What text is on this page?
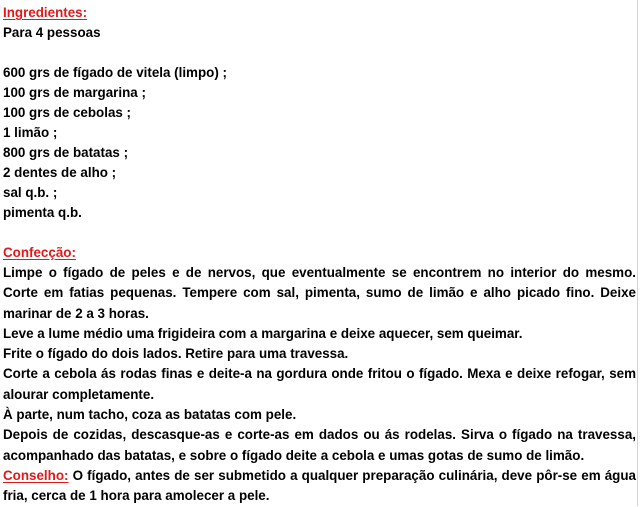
Ingredientes:
Para 4 pessoas
600 grs de fígado de vitela (limpo) ;
100 grs de margarina ;
100 grs de cebolas ;
1 limão ;
800 grs de batatas ;
2 dentes de alho ;
sal q.b. ;
pimenta q.b.
Confecção:

Limpe o fígado de peles e de nervos, que eventualmente se encontrem no interior do mesmo. Corte em fatias pequenas. Tempere com sal, pimenta, sumo de limão e alho picado fino. Deixe marinar de 2 a 3 horas.

Leve a lume médio uma frigideira com a margarina e deixe aquecer, sem queimar.

Frite o fígado do dois lados. Retire para uma travessa.

Corte a cebola ás rodas finas e deite-a na gordura onde fritou o fígado. Mexa e deixe refogar, sem alourar completamente.

À parte, num tacho, coza as batatas com pele.

Depois de cozidas, descasque-as e corte-as em dados ou ás rodelas. Sirva o fígado na travessa, acompanhado das batatas, e sobre o fígado deite a cebola e umas gotas de sumo de limão.

Conselho: O fígado, antes de ser submetido a qualquer preparação culinária, deve pôr-se em água fria, cerca de 1 hora para amolecer a pele.
